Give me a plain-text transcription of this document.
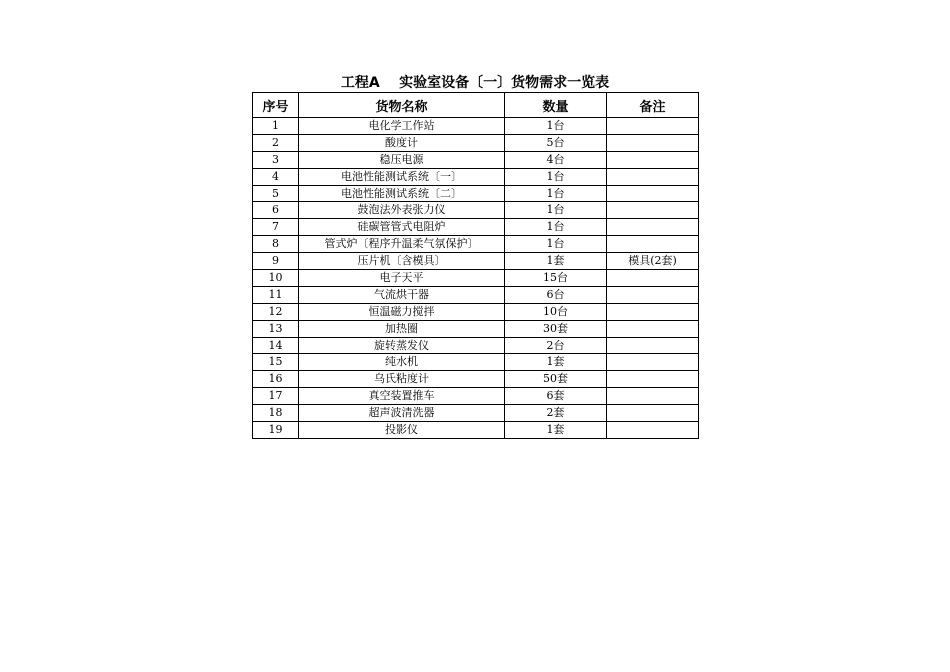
工程A    实验室设备〔一〕货物需求一览表
序号	货物名称	数量	备注
1	电化学工作站	1台	
2	酸度计	5台	
3	稳压电源	4台	
4	电池性能测试系统〔一〕	1台	
5	电池性能测试系统〔二〕	1台	
6	鼓泡法外表张力仪	1台	
7	硅碳管管式电阻炉	1台	
8	管式炉〔程序升温柔气氛保护〕	1台	
9	压片机〔含模具〕	1套	模具(2套)
10	电子天平	15台	
11	气流烘干器	6台	
12	恒温磁力搅拌	10台	
13	加热圈	30套	
14	旋转蒸发仪	2台	
15	纯水机	1套	
16	乌氏粘度计	50套	
17	真空装置推车	6套	
18	超声波清洗器	2套	
19	投影仪	1套	
